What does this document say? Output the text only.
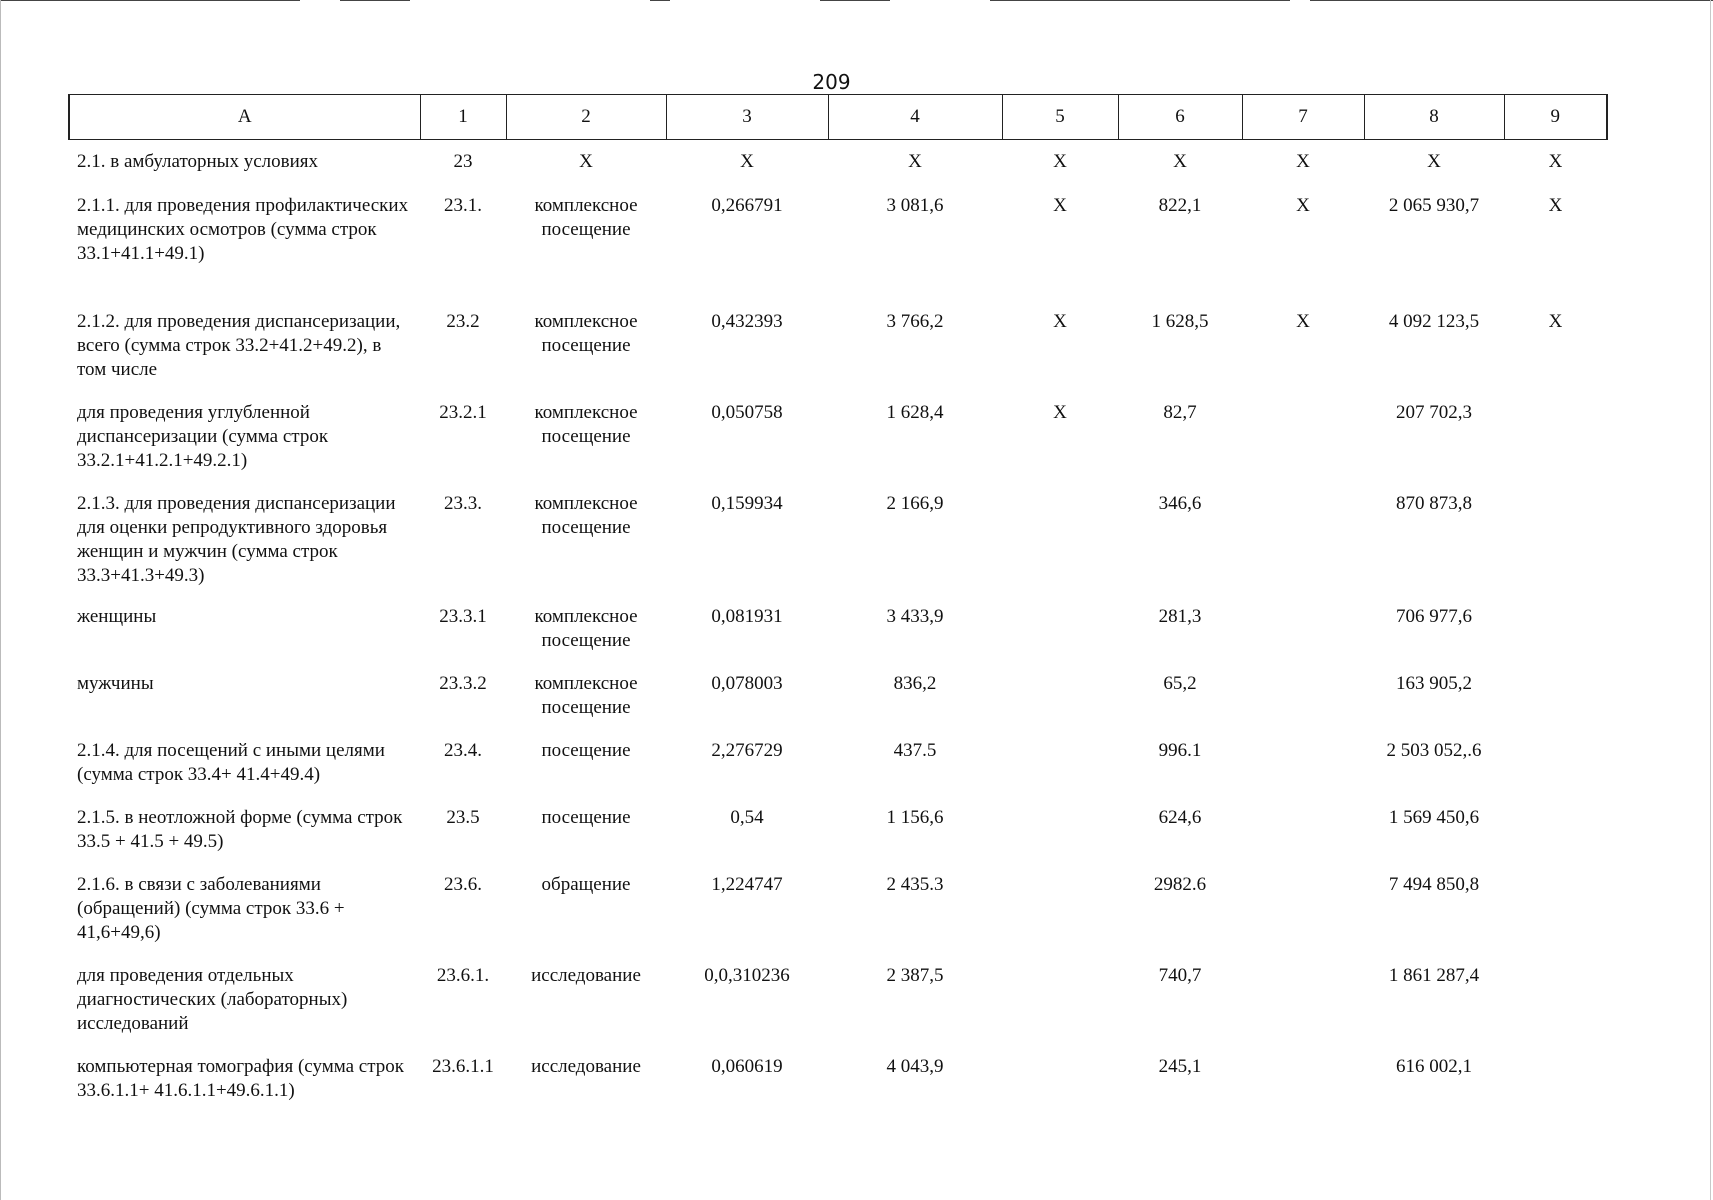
209
А	1	2	3	4	5	6	7	8	9
2.1. в амбулаторных условиях	23	Х	Х	Х	Х	Х	Х	Х	Х
2.1.1. для проведения профилактических медицинских осмотров (сумма строк 33.1+41.1+49.1)	23.1.	комплексное посещение	0,266791	3 081,6	Х	822,1	Х	2 065 930,7	Х
2.1.2. для проведения диспансеризации, всего (сумма строк 33.2+41.2+49.2), в том числе	23.2	комплексное посещение	0,432393	3 766,2	Х	1 628,5	Х	4 092 123,5	Х
для проведения углубленной диспансеризации (сумма строк 33.2.1+41.2.1+49.2.1)	23.2.1	комплексное посещение	0,050758	1 628,4	Х	82,7		207 702,3	
2.1.3. для проведения диспансеризации для оценки репродуктивного здоровья женщин и мужчин (сумма строк 33.3+41.3+49.3)	23.3.	комплексное посещение	0,159934	2 166,9		346,6		870 873,8	
женщины	23.3.1	комплексное посещение	0,081931	3 433,9		281,3		706 977,6	
мужчины	23.3.2	комплексное посещение	0,078003	836,2		65,2		163 905,2	
2.1.4. для посещений с иными целями (сумма строк 33.4+ 41.4+49.4)	23.4.	посещение	2,276729	437.5		996.1		2 503 052,.6	
2.1.5. в неотложной форме (сумма строк 33.5 + 41.5 + 49.5)	23.5	посещение	0,54	1 156,6		624,6		1 569 450,6	
2.1.6. в связи с заболеваниями (обращений) (сумма строк 33.6 + 41,6+49,6)	23.6.	обращение	1,224747	2 435.3		2982.6		7 494 850,8	
для проведения отдельных диагностических (лабораторных) исследований	23.6.1.	исследование	0,0,310236	2 387,5		740,7		1 861 287,4	
компьютерная томография (сумма строк 33.6.1.1+ 41.6.1.1+49.6.1.1)	23.6.1.1	исследование	0,060619	4 043,9		245,1		616 002,1	
